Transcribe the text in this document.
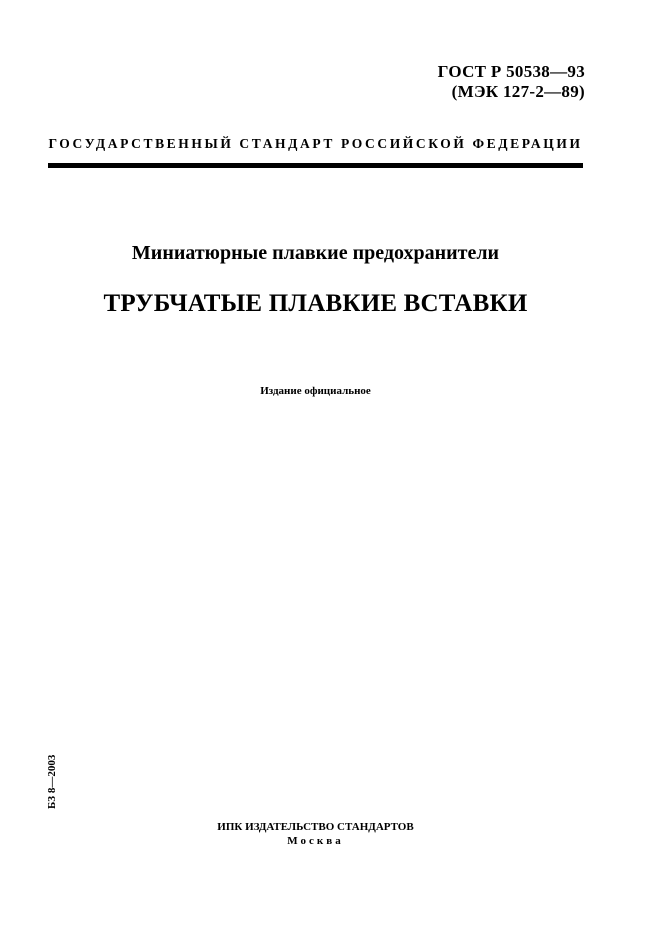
ГОСТ Р 50538—93
(МЭК 127-2—89)
ГОСУДАРСТВЕННЫЙ СТАНДАРТ РОССИЙСКОЙ ФЕДЕРАЦИИ
Миниатюрные плавкие предохранители
ТРУБЧАТЫЕ ПЛАВКИЕ ВСТАВКИ
Издание официальное
БЗ 8—2003
ИПК ИЗДАТЕЛЬСТВО СТАНДАРТОВ
Москва
